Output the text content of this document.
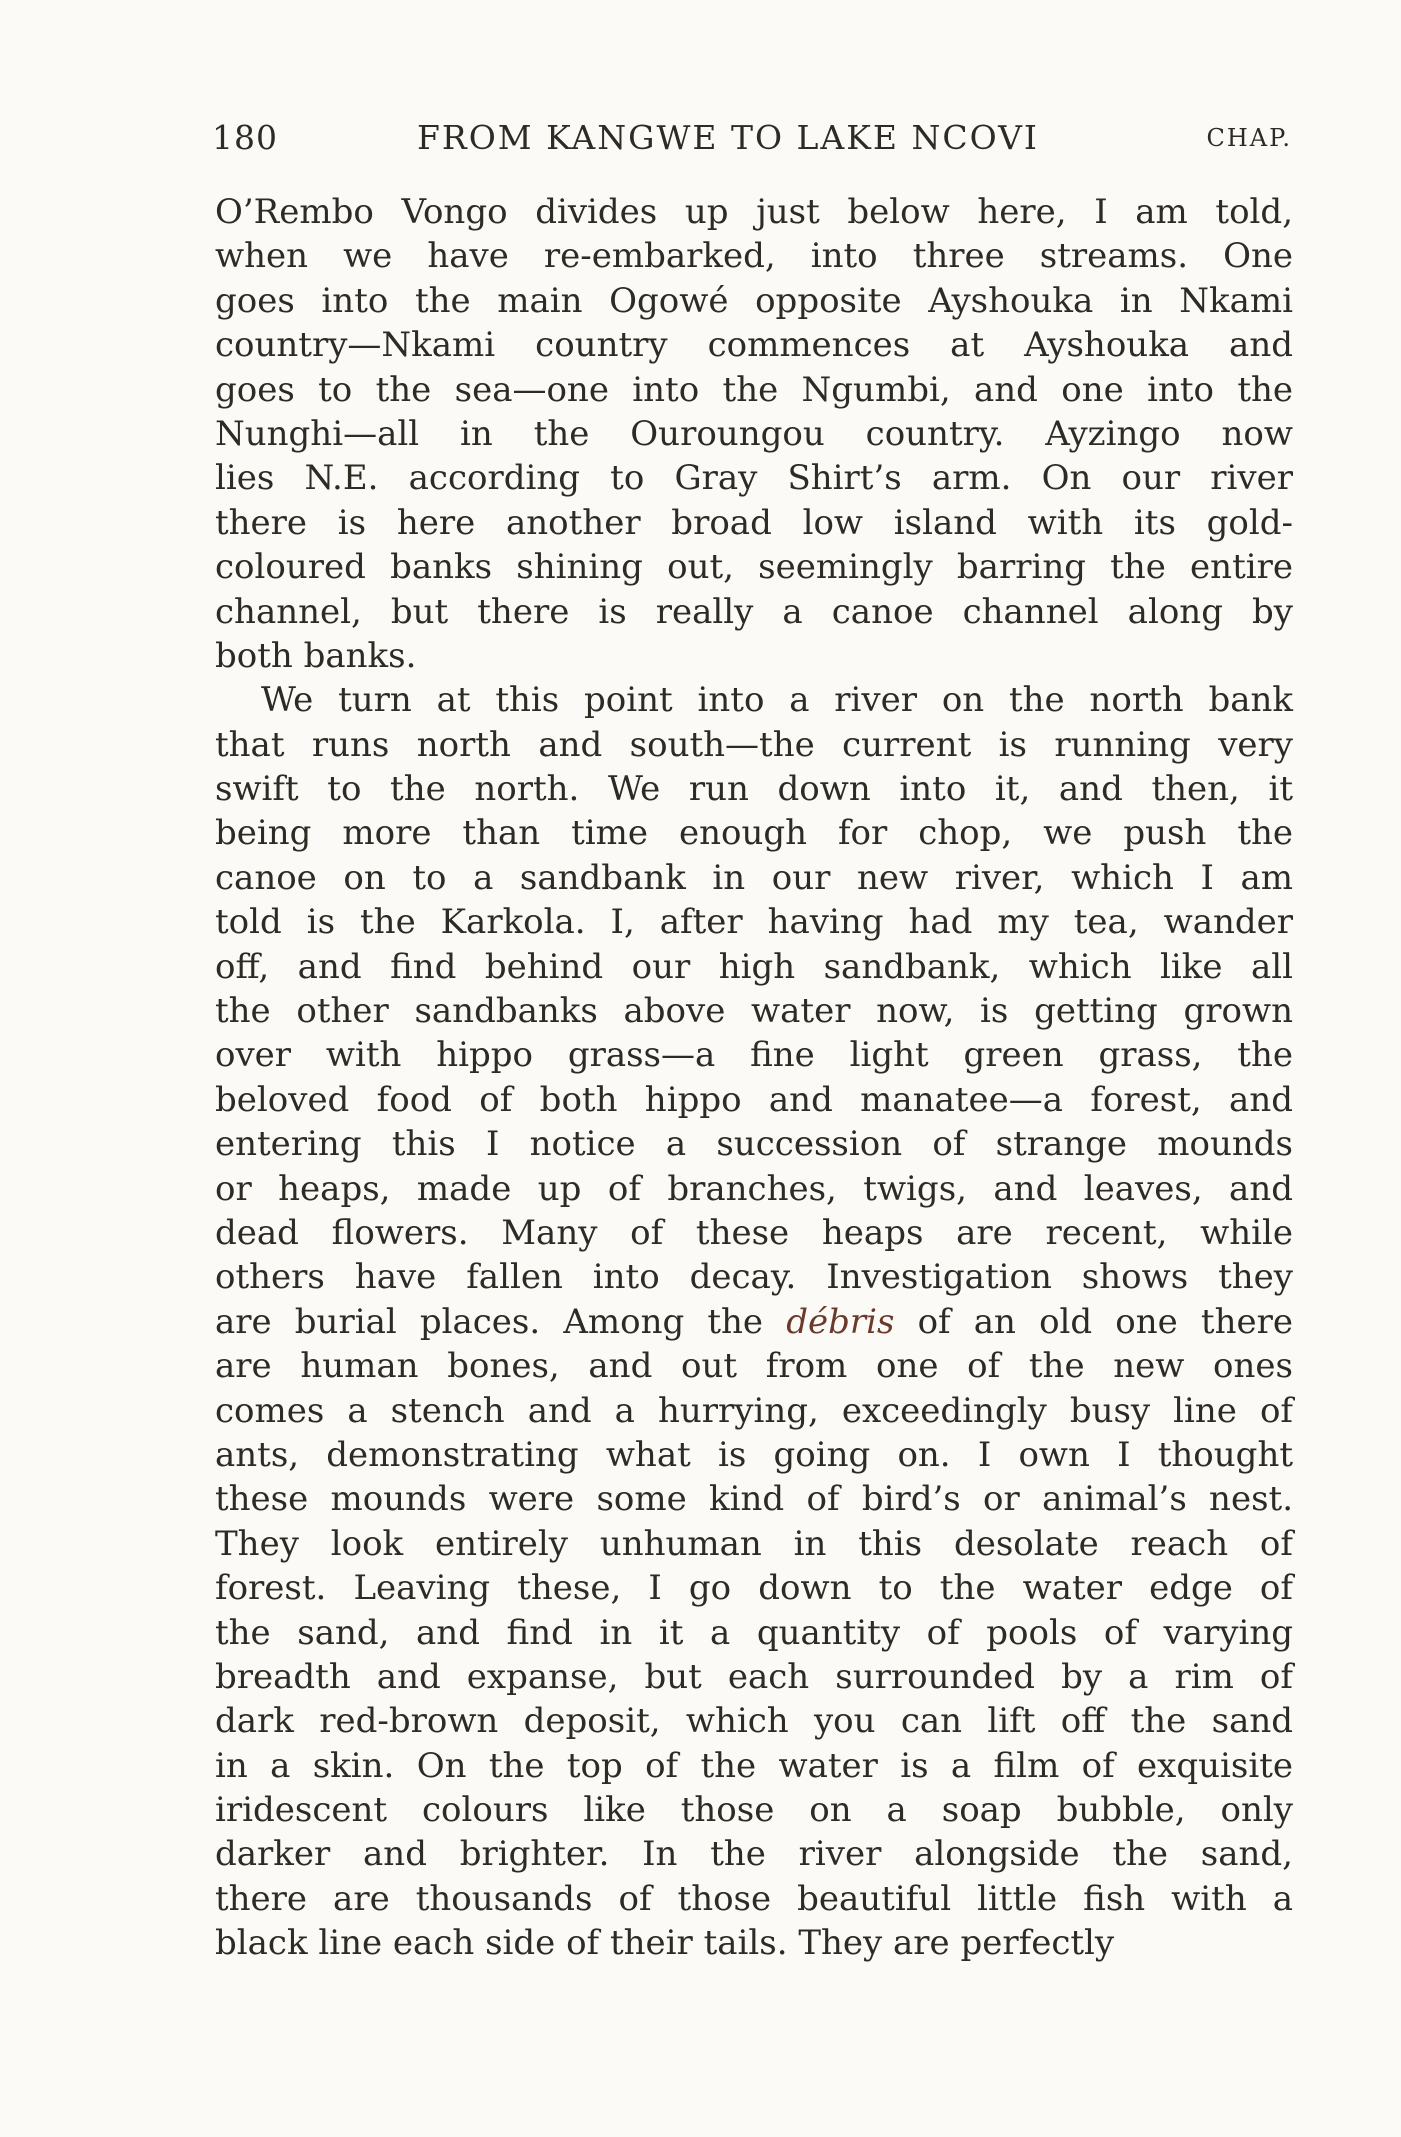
180	FROM KANGWE TO LAKE NCOVI	CHAP.
O’Rembo Vongo divides up just below here, I am told,
when we have re-embarked, into three streams. One
goes into the main Ogowé opposite Ayshouka in Nkami
country—Nkami country commences at Ayshouka and
goes to the sea—one into the Ngumbi, and one into the
Nunghi—all in the Ouroungou country. Ayzingo now
lies N.E. according to Gray Shirt’s arm. On our river
there is here another broad low island with its gold-
coloured banks shining out, seemingly barring the entire
channel, but there is really a canoe channel along by
both banks.
We turn at this point into a river on the north bank
that runs north and south—the current is running very
swift to the north. We run down into it, and then, it
being more than time enough for chop, we push the
canoe on to a sandbank in our new river, which I am
told is the Karkola. I, after having had my tea, wander
off, and find behind our high sandbank, which like all
the other sandbanks above water now, is getting grown
over with hippo grass—a fine light green grass, the
beloved food of both hippo and manatee—a forest, and
entering this I notice a succession of strange mounds
or heaps, made up of branches, twigs, and leaves, and
dead flowers. Many of these heaps are recent, while
others have fallen into decay. Investigation shows they
are burial places. Among the débris of an old one there
are human bones, and out from one of the new ones
comes a stench and a hurrying, exceedingly busy line of
ants, demonstrating what is going on. I own I thought
these mounds were some kind of bird’s or animal’s nest.
They look entirely unhuman in this desolate reach of
forest. Leaving these, I go down to the water edge of
the sand, and find in it a quantity of pools of varying
breadth and expanse, but each surrounded by a rim of
dark red-brown deposit, which you can lift off the sand
in a skin. On the top of the water is a film of exquisite
iridescent colours like those on a soap bubble, only
darker and brighter. In the river alongside the sand,
there are thousands of those beautiful little fish with a
black line each side of their tails. They are perfectly
